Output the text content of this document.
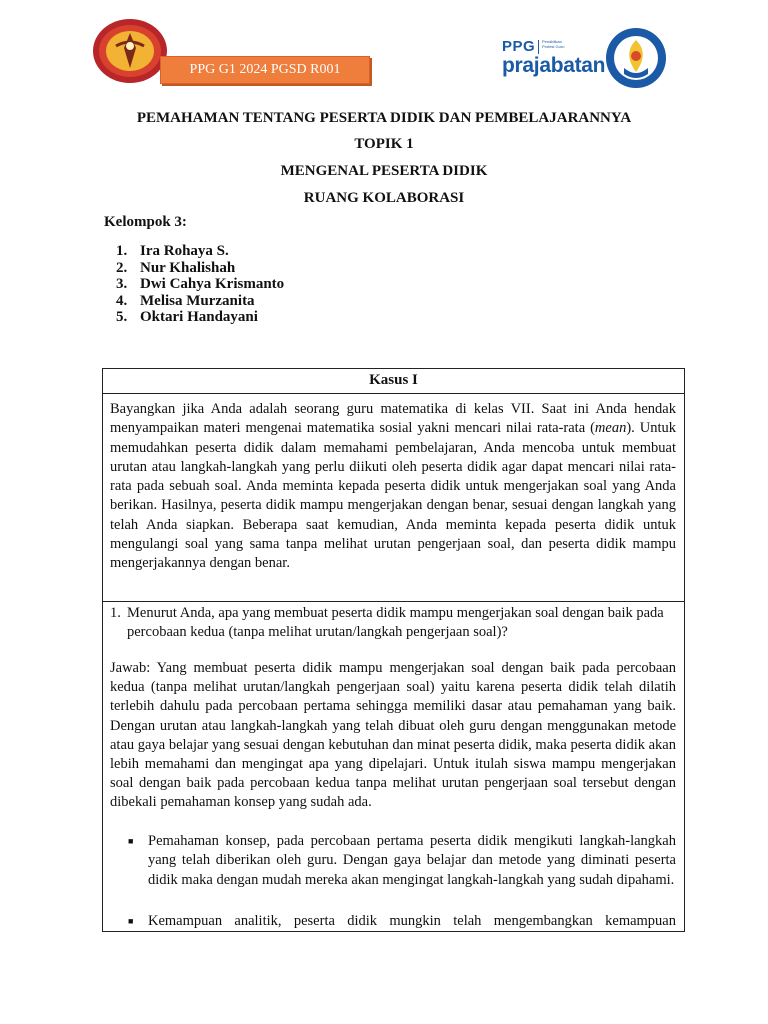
PPG G1 2024 PGSD R001
PPG Pendidikan Profesi Guru
prajabatan
PEMAHAMAN TENTANG PESERTA DIDIK DAN PEMBELAJARANNYA
TOPIK 1
MENGENAL PESERTA DIDIK
RUANG KOLABORASI
Kelompok 3:
1. Ira Rohaya S.
2. Nur Khalishah
3. Dwi Cahya Krismanto
4. Melisa Murzanita
5. Oktari Handayani
Kasus I
Bayangkan jika Anda adalah seorang guru matematika di kelas VII. Saat ini Anda hendak menyampaikan materi mengenai matematika sosial yakni mencari nilai rata-rata (mean). Untuk memudahkan peserta didik dalam memahami pembelajaran, Anda mencoba untuk membuat urutan atau langkah-langkah yang perlu diikuti oleh peserta didik agar dapat mencari nilai rata-rata pada sebuah soal. Anda meminta kepada peserta didik untuk mengerjakan soal yang Anda berikan. Hasilnya, peserta didik mampu mengerjakan dengan benar, sesuai dengan langkah yang telah Anda siapkan. Beberapa saat kemudian, Anda meminta kepada peserta didik untuk mengulangi soal yang sama tanpa melihat urutan pengerjaan soal, dan peserta didik mampu mengerjakannya dengan benar.
1. Menurut Anda, apa yang membuat peserta didik mampu mengerjakan soal dengan baik pada percobaan kedua (tanpa melihat urutan/langkah pengerjaan soal)?
Jawab: Yang membuat peserta didik mampu mengerjakan soal dengan baik pada percobaan kedua (tanpa melihat urutan/langkah pengerjaan soal) yaitu karena peserta didik telah dilatih terlebih dahulu pada percobaan pertama sehingga memiliki dasar atau pemahaman yang baik. Dengan urutan atau langkah-langkah yang telah dibuat oleh guru dengan menggunakan metode atau gaya belajar yang sesuai dengan kebutuhan dan minat peserta didik, maka peserta didik akan lebih memahami dan mengingat apa yang dipelajari. Untuk itulah siswa mampu mengerjakan soal dengan baik pada percobaan kedua tanpa melihat urutan pengerjaan soal tersebut dengan dibekali pemahaman konsep yang sudah ada.
■	Pemahaman konsep, pada percobaan pertama peserta didik mengikuti langkah-langkah yang telah diberikan oleh guru. Dengan gaya belajar dan metode yang diminati peserta didik maka dengan mudah mereka akan mengingat langkah-langkah yang sudah dipahami.
■	Kemampuan analitik, peserta didik mungkin telah mengembangkan kemampuan
